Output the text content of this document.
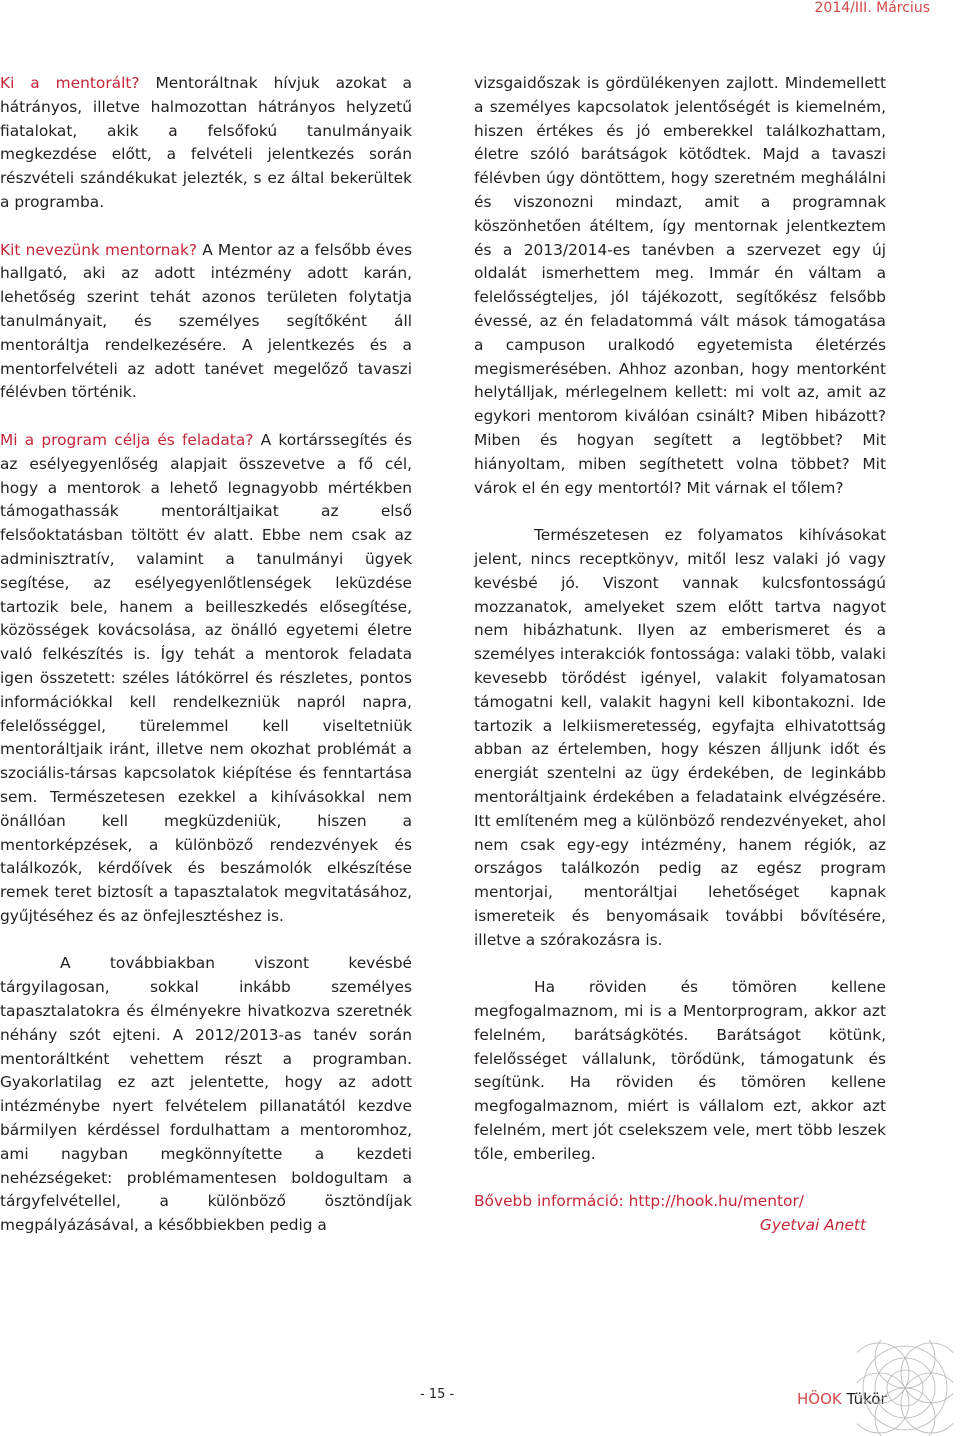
2014/III. Március

Ki a mentorált? Mentoráltnak hívjuk azokat a hátrányos, illetve halmozottan hátrányos helyzetű fiatalokat, akik a felsőfokú tanulmányaik megkezdése előtt, a felvételi jelentkezés során részvételi szándékukat jelezték, s ez által bekerültek a programba.

Kit nevezünk mentornak? A Mentor az a felsőbb éves hallgató, aki az adott intézmény adott karán, lehetőség szerint tehát azonos területen folytatja tanulmányait, és személyes segítőként áll mentoráltja rendelkezésére. A jelentkezés és a mentorfelvételi az adott tanévet megelőző tavaszi félévben történik.

Mi a program célja és feladata? A kortárssegítés és az esélyegyenlőség alapjait összevetve a fő cél, hogy a mentorok a lehető legnagyobb mértékben támogathassák mentoráltjaikat az első felsőoktatásban töltött év alatt. Ebbe nem csak az adminisztratív, valamint a tanulmányi ügyek segítése, az esélyegyenlőtlenségek leküzdése tartozik bele, hanem a beilleszkedés elősegítése, közösségek kovácsolása, az önálló egyetemi életre való felkészítés is. Így tehát a mentorok feladata igen összetett: széles látókörrel és részletes, pontos információkkal kell rendelkezniük napról napra, felelősséggel, türelemmel kell viseltetniük mentoráltjaik iránt, illetve nem okozhat problémát a szociális-társas kapcsolatok kiépítése és fenntartása sem. Természetesen ezekkel a kihívásokkal nem önállóan kell megküzdeniük, hiszen a mentorképzések, a különböző rendezvények és találkozók, kérdőívek és beszámolók elkészítése remek teret biztosít a tapasztalatok megvitatásához, gyűjtéséhez és az önfejlesztéshez is.

A továbbiakban viszont kevésbé tárgyilagosan, sokkal inkább személyes tapasztalatokra és élményekre hivatkozva szeretnék néhány szót ejteni. A 2012/2013-as tanév során mentoráltként vehettem részt a programban. Gyakorlatilag ez azt jelentette, hogy az adott intézménybe nyert felvételem pillanatától kezdve bármilyen kérdéssel fordulhattam a mentoromhoz, ami nagyban megkönnyítette a kezdeti nehézségeket: problémamentesen boldogultam a tárgyfelvétellel, a különböző ösztöndíjak megpályázásával, a későbbiekben pedig a

vizsgaidőszak is gördülékenyen zajlott. Mindemellett a személyes kapcsolatok jelentőségét is kiemelném, hiszen értékes és jó emberekkel találkozhattam, életre szóló barátságok kötődtek. Majd a tavaszi félévben úgy döntöttem, hogy szeretném meghálálni és viszonozni mindazt, amit a programnak köszönhetően átéltem, így mentornak jelentkeztem és a 2013/2014-es tanévben a szervezet egy új oldalát ismerhettem meg. Immár én váltam a felelősségteljes, jól tájékozott, segítőkész felsőbb évessé, az én feladatommá vált mások támogatása a campuson uralkodó egyetemista életérzés megismerésében. Ahhoz azonban, hogy mentorként helytálljak, mérlegelnem kellett: mi volt az, amit az egykori mentorom kiválóan csinált? Miben hibázott? Miben és hogyan segített a legtöbbet? Mit hiányoltam, miben segíthetett volna többet? Mit várok el én egy mentortól? Mit várnak el tőlem?

Természetesen ez folyamatos kihívásokat jelent, nincs receptkönyv, mitől lesz valaki jó vagy kevésbé jó. Viszont vannak kulcsfontosságú mozzanatok, amelyeket szem előtt tartva nagyot nem hibázhatunk. Ilyen az emberismeret és a személyes interakciók fontossága: valaki több, valaki kevesebb törődést igényel, valakit folyamatosan támogatni kell, valakit hagyni kell kibontakozni. Ide tartozik a lelkiismeretesség, egyfajta elhivatottság abban az értelemben, hogy készen álljunk időt és energiát szentelni az ügy érdekében, de leginkább mentoráltjaink érdekében a feladataink elvégzésére. Itt említeném meg a különböző rendezvényeket, ahol nem csak egy-egy intézmény, hanem régiók, az országos találkozón pedig az egész program mentorjai, mentoráltjai lehetőséget kapnak ismereteik és benyomásaik további bővítésére, illetve a szórakozásra is.

Ha röviden és tömören kellene megfogalmaznom, mi is a Mentorprogram, akkor azt felelném, barátságkötés. Barátságot kötünk, felelősséget vállalunk, törődünk, támogatunk és segítünk. Ha röviden és tömören kellene megfogalmaznom, miért is vállalom ezt, akkor azt felelném, mert jót cselekszem vele, mert több leszek tőle, emberileg.

Bővebb információ: http://hook.hu/mentor/

Gyetvai Anett

- 15 -	HÖOK Tükör
